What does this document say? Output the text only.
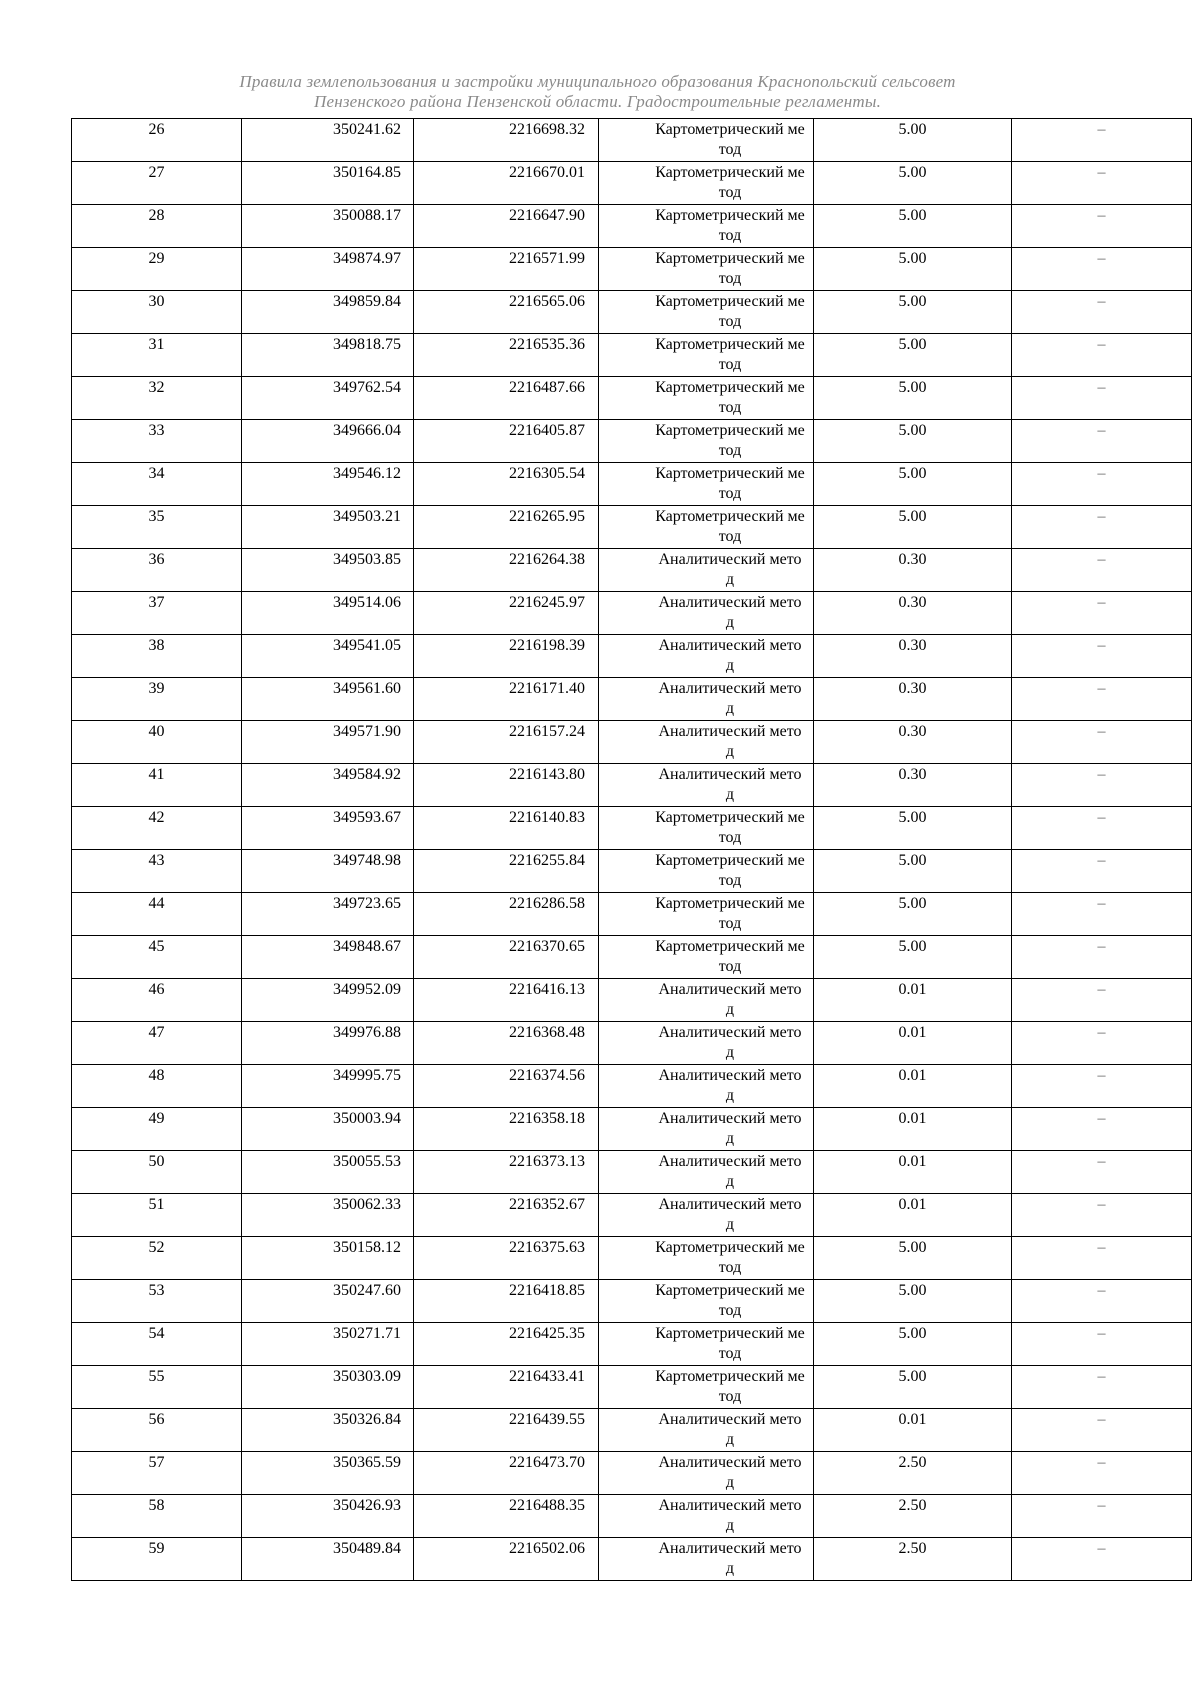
Правила землепользования и застройки муниципального образования Краснопольский сельсовет
Пензенского района Пензенской области. Градостроительные регламенты.
26	350241.62	2216698.32	Картометрический метод	5.00	–

27	350164.85	2216670.01	Картометрический метод	5.00	–

28	350088.17	2216647.90	Картометрический метод	5.00	–

29	349874.97	2216571.99	Картометрический метод	5.00	–

30	349859.84	2216565.06	Картометрический метод	5.00	–

31	349818.75	2216535.36	Картометрический метод	5.00	–

32	349762.54	2216487.66	Картометрический метод	5.00	–

33	349666.04	2216405.87	Картометрический метод	5.00	–

34	349546.12	2216305.54	Картометрический метод	5.00	–

35	349503.21	2216265.95	Картометрический метод	5.00	–

36	349503.85	2216264.38	Аналитический метод	0.30	–

37	349514.06	2216245.97	Аналитический метод	0.30	–

38	349541.05	2216198.39	Аналитический метод	0.30	–

39	349561.60	2216171.40	Аналитический метод	0.30	–

40	349571.90	2216157.24	Аналитический метод	0.30	–

41	349584.92	2216143.80	Аналитический метод	0.30	–

42	349593.67	2216140.83	Картометрический метод	5.00	–

43	349748.98	2216255.84	Картометрический метод	5.00	–

44	349723.65	2216286.58	Картометрический метод	5.00	–

45	349848.67	2216370.65	Картометрический метод	5.00	–

46	349952.09	2216416.13	Аналитический метод	0.01	–

47	349976.88	2216368.48	Аналитический метод	0.01	–

48	349995.75	2216374.56	Аналитический метод	0.01	–

49	350003.94	2216358.18	Аналитический метод	0.01	–

50	350055.53	2216373.13	Аналитический метод	0.01	–

51	350062.33	2216352.67	Аналитический метод	0.01	–

52	350158.12	2216375.63	Картометрический метод	5.00	–

53	350247.60	2216418.85	Картометрический метод	5.00	–

54	350271.71	2216425.35	Картометрический метод	5.00	–

55	350303.09	2216433.41	Картометрический метод	5.00	–

56	350326.84	2216439.55	Аналитический метод	0.01	–

57	350365.59	2216473.70	Аналитический метод	2.50	–

58	350426.93	2216488.35	Аналитический метод	2.50	–

59	350489.84	2216502.06	Аналитический метод	2.50	–
